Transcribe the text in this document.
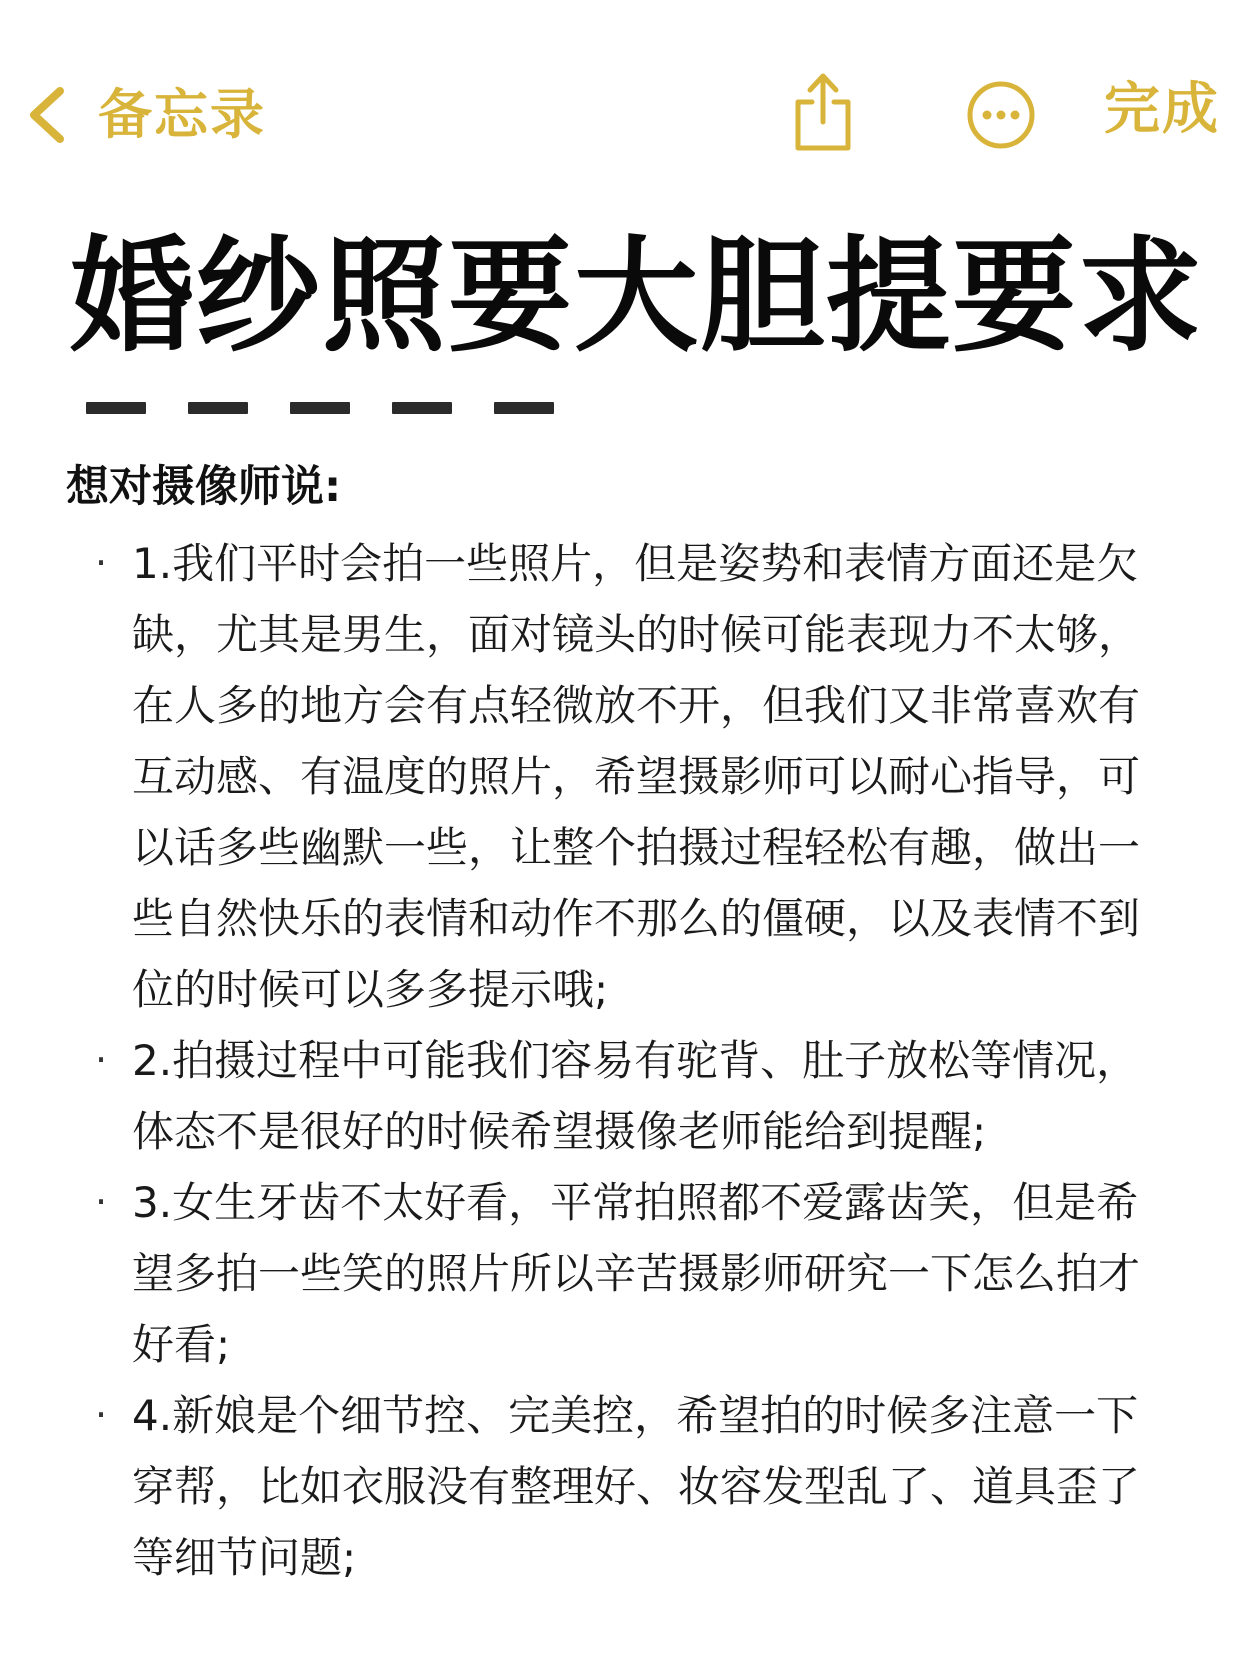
备忘录	完成
婚纱照要大胆提要求
想对摄像师说:
· 1.我们平时会拍一些照片，但是姿势和表情方面还是欠缺，尤其是男生，面对镜头的时候可能表现力不太够，在人多的地方会有点轻微放不开，但我们又非常喜欢有互动感、有温度的照片，希望摄影师可以耐心指导，可以话多些幽默一些，让整个拍摄过程轻松有趣，做出一些自然快乐的表情和动作不那么的僵硬，以及表情不到位的时候可以多多提示哦;
· 2.拍摄过程中可能我们容易有驼背、肚子放松等情况，体态不是很好的时候希望摄像老师能给到提醒;
· 3.女生牙齿不太好看，平常拍照都不爱露齿笑，但是希望多拍一些笑的照片所以辛苦摄影师研究一下怎么拍才好看;
· 4.新娘是个细节控、完美控，希望拍的时候多注意一下穿帮，比如衣服没有整理好、妆容发型乱了、道具歪了等细节问题;
